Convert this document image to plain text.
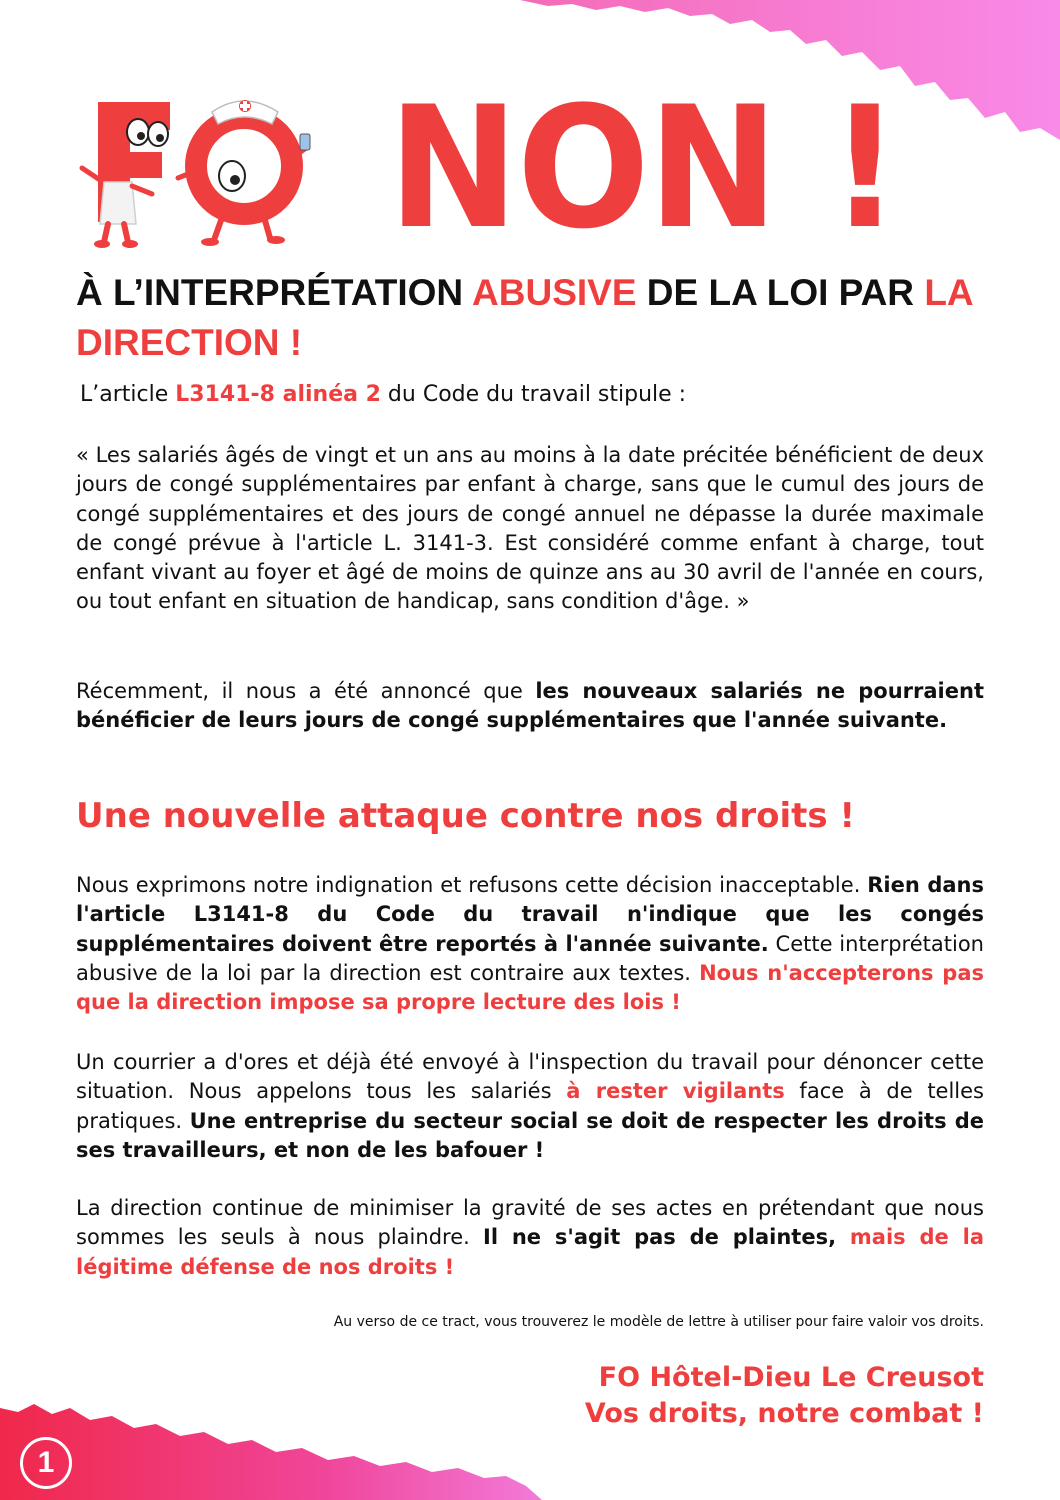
NON !
À L’INTERPRÉTATION ABUSIVE DE LA LOI PAR LA DIRECTION !
L’article L3141-8 alinéa 2 du Code du travail stipule :
« Les salariés âgés de vingt et un ans au moins à la date précitée bénéficient de deux jours de congé supplémentaires par enfant à charge, sans que le cumul des jours de congé supplémentaires et des jours de congé annuel ne dépasse la durée maximale de congé prévue à l'article L. 3141-3. Est considéré comme enfant à charge, tout enfant vivant au foyer et âgé de moins de quinze ans au 30 avril de l'année en cours, ou tout enfant en situation de handicap, sans condition d'âge. »
Récemment, il nous a été annoncé que les nouveaux salariés ne pourraient bénéficier de leurs jours de congé supplémentaires que l'année suivante.
Une nouvelle attaque contre nos droits !
Nous exprimons notre indignation et refusons cette décision inacceptable. Rien dans l'article L3141-8 du Code du travail n'indique que les congés supplémentaires doivent être reportés à l'année suivante. Cette interprétation abusive de la loi par la direction est contraire aux textes. Nous n'accepterons pas que la direction impose sa propre lecture des lois !
Un courrier a d'ores et déjà été envoyé à l'inspection du travail pour dénoncer cette situation. Nous appelons tous les salariés à rester vigilants face à de telles pratiques. Une entreprise du secteur social se doit de respecter les droits de ses travailleurs, et non de les bafouer !
La direction continue de minimiser la gravité de ses actes en prétendant que nous sommes les seuls à nous plaindre. Il ne s'agit pas de plaintes, mais de la légitime défense de nos droits !
Au verso de ce tract, vous trouverez le modèle de lettre à utiliser pour faire valoir vos droits.
FO Hôtel-Dieu Le Creusot
Vos droits, notre combat !
1
